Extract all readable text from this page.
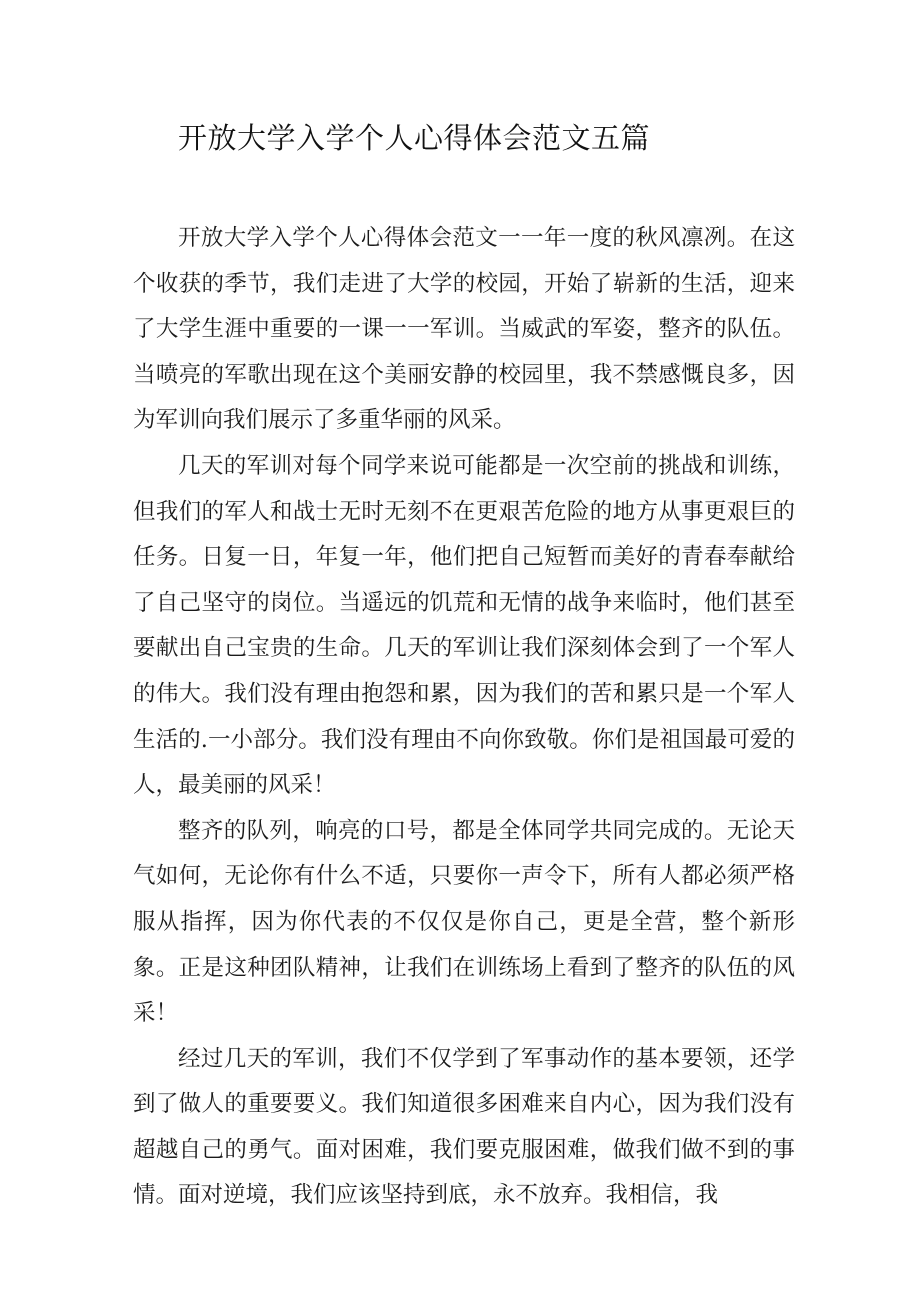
开放大学入学个人心得体会范文五篇

开放大学入学个人心得体会范文一一年一度的秋风凛冽。在这个收获的季节，我们走进了大学的校园，开始了崭新的生活，迎来了大学生涯中重要的一课一一军训。当威武的军姿，整齐的队伍。当喷亮的军歌出现在这个美丽安静的校园里，我不禁感慨良多，因为军训向我们展示了多重华丽的风采。

几天的军训对每个同学来说可能都是一次空前的挑战和训练，但我们的军人和战士无时无刻不在更艰苦危险的地方从事更艰巨的任务。日复一日，年复一年，他们把自己短暂而美好的青春奉献给了自己坚守的岗位。当遥远的饥荒和无情的战争来临时，他们甚至要献出自己宝贵的生命。几天的军训让我们深刻体会到了一个军人的伟大。我们没有理由抱怨和累，因为我们的苦和累只是一个军人生活的.一小部分。我们没有理由不向你致敬。你们是祖国最可爱的人，最美丽的风采！

整齐的队列，响亮的口号，都是全体同学共同完成的。无论天气如何，无论你有什么不适，只要你一声令下，所有人都必须严格服从指挥，因为你代表的不仅仅是你自己，更是全营，整个新形象。正是这种团队精神，让我们在训练场上看到了整齐的队伍的风采！

经过几天的军训，我们不仅学到了军事动作的基本要领，还学到了做人的重要要义。我们知道很多困难来自内心，因为我们没有超越自己的勇气。面对困难，我们要克服困难，做我们做不到的事情。面对逆境，我们应该坚持到底，永不放弃。我相信，我
